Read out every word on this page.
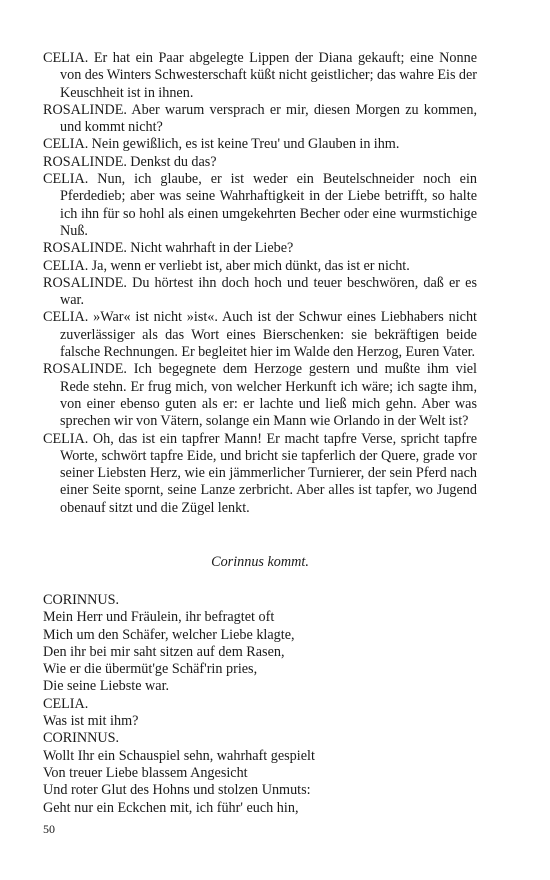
CELIA. Er hat ein Paar abgelegte Lippen der Diana gekauft; eine Nonne von des Winters Schwesterschaft küßt nicht geistlicher; das wahre Eis der Keuschheit ist in ihnen.
ROSALINDE. Aber warum versprach er mir, diesen Morgen zu kommen, und kommt nicht?
CELIA. Nein gewißlich, es ist keine Treu' und Glauben in ihm.
ROSALINDE. Denkst du das?
CELIA. Nun, ich glaube, er ist weder ein Beutelschneider noch ein Pferdedieb; aber was seine Wahrhaftigkeit in der Liebe betrifft, so halte ich ihn für so hohl als einen umgekehrten Becher oder eine wurmstichige Nuß.
ROSALINDE. Nicht wahrhaft in der Liebe?
CELIA. Ja, wenn er verliebt ist, aber mich dünkt, das ist er nicht.
ROSALINDE. Du hörtest ihn doch hoch und teuer beschwören, daß er es war.
CELIA. »War« ist nicht »ist«. Auch ist der Schwur eines Liebhabers nicht zuverlässiger als das Wort eines Bierschenken: sie bekräftigen beide falsche Rechnungen. Er begleitet hier im Walde den Herzog, Euren Vater.
ROSALINDE. Ich begegnete dem Herzoge gestern und mußte ihm viel Rede stehn. Er frug mich, von welcher Herkunft ich wäre; ich sagte ihm, von einer ebenso guten als er: er lachte und ließ mich gehn. Aber was sprechen wir von Vätern, solange ein Mann wie Orlando in der Welt ist?
CELIA. Oh, das ist ein tapfrer Mann! Er macht tapfre Verse, spricht tapfre Worte, schwört tapfre Eide, und bricht sie tapferlich der Quere, grade vor seiner Liebsten Herz, wie ein jämmerlicher Turnierer, der sein Pferd nach einer Seite spornt, seine Lanze zerbricht. Aber alles ist tapfer, wo Jugend obenauf sitzt und die Zügel lenkt.
Corinnus kommt.
CORINNUS.
Mein Herr und Fräulein, ihr befragtet oft
Mich um den Schäfer, welcher Liebe klagte,
Den ihr bei mir saht sitzen auf dem Rasen,
Wie er die übermüt'ge Schäf'rin pries,
Die seine Liebste war.
CELIA.
Was ist mit ihm?
CORINNUS.
Wollt Ihr ein Schauspiel sehn, wahrhaft gespielt
Von treuer Liebe blassem Angesicht
Und roter Glut des Hohns und stolzen Unmuts:
Geht nur ein Eckchen mit, ich führ' euch hin,
50
